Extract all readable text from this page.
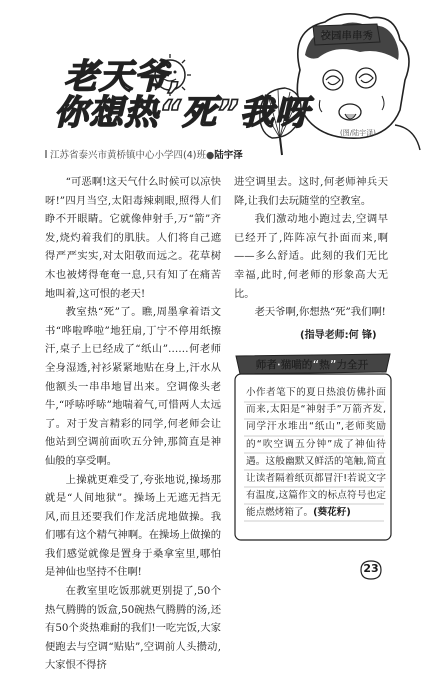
校园串串秀
老天爷,
你想热“死”我呀	(图/陆宇泽)
江苏省泰兴市黄桥镇中心小学四(4)班●陆宇泽

“可恶啊!这天气什么时候可以凉快呀!”四月当空,太阳毒辣刺眼,照得人们睁不开眼睛。它就像伸射手,万“箭”齐发,烧灼着我们的肌肤。人们将自己遮得严严实实,对太阳敬而远之。花草树木也被烤得奄奄一息,只有知了在痛苦地叫着,这可恨的老天!

教室热“死”了。瞧,周墨拿着语文书“哗啦哗啦”地狂扇,丁宁不停用纸擦汗,桌子上已经成了“纸山”……何老师全身湿透,衬衫紧紧地贴在身上,汗水从他额头一串串地冒出来。空调像头老牛,“呼哧呼哧”地喘着气,可惜两人太远了。对于发言精彩的同学,何老师会让他站到空调前面吹五分钟,那简直是神仙般的享受啊。

上操就更难受了,夸张地说,操场那就是“人间地狱”。操场上无遮无挡无风,而且还要我们作龙活虎地做操。我们哪有这个精气神啊。在操场上做操的我们感觉就像是置身于桑拿室里,哪怕是神仙也坚持不住啊!

在教室里吃饭那就更别提了,50个热气腾腾的饭盒,50碗热气腾腾的汤,还有50个炎热难耐的我们!一吃完饭,大家便跑去与空调“贴贴”,空调前人头攒动,大家恨不得挤

进空调里去。这时,何老师神兵天降,让我们去玩随堂的空教室。

我们激动地小跑过去,空调早已经开了,阵阵凉气扑面而来,啊——多么舒适。此刻的我们无比幸福,此时,何老师的形象高大无比。

老天爷啊,你想热“死”我们啊!

(指导老师:何 锋)
师者·猫喵的“热”力全开
小作者笔下的夏日热浪仿佛扑面而来,太阳是“神射手”万箭齐发,同学汗水堆出“纸山”,老师奖励的“吹空调五分钟”成了神仙待遇。这般幽默又鲜活的笔触,简直让读者隔着纸页都冒汗!若说文字有温度,这篇作文的标点符号也定能点燃烤箱了。(葵花籽)
23
